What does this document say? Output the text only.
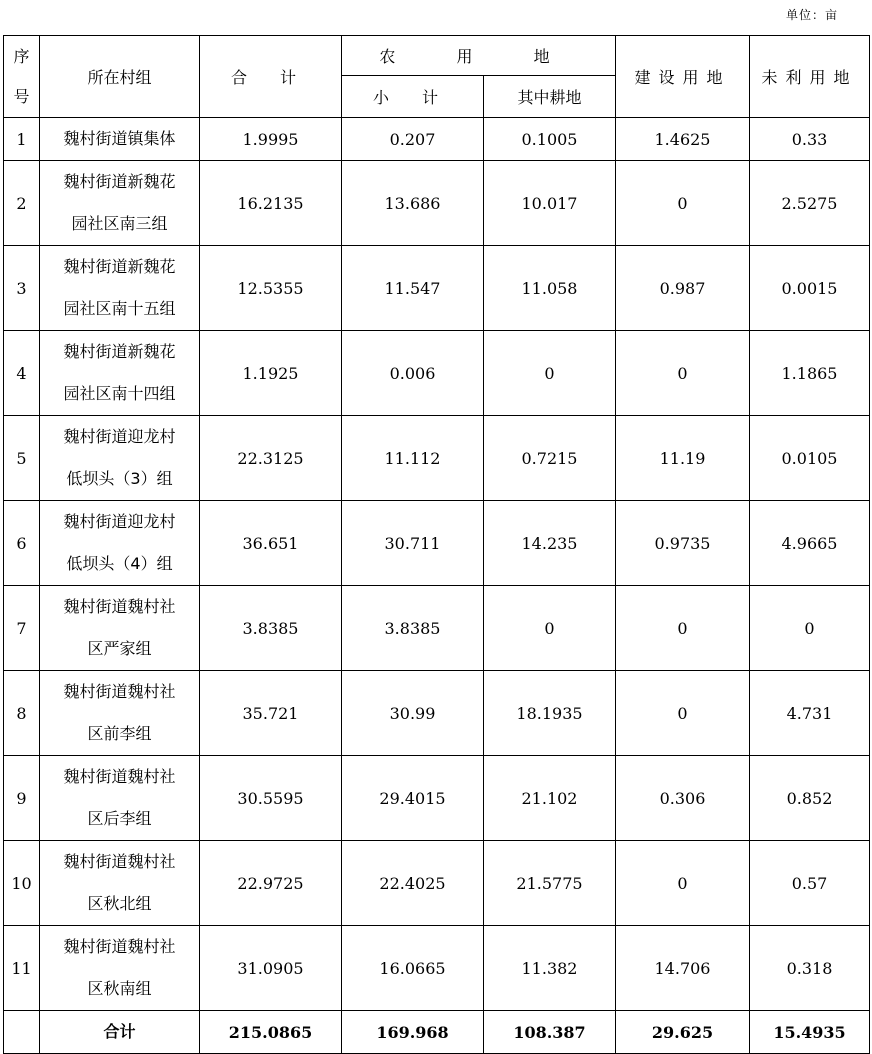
单位：亩
序
号	所在村组	合 计	农 用 地		建设用地	未利用地
			小 计	其中耕地		
1	魏村街道镇集体	1.9995	0.207	0.1005	1.4625	0.33
2	魏村街道新魏花
园社区南三组	16.2135	13.686	10.017	0	2.5275
3	魏村街道新魏花
园社区南十五组	12.5355	11.547	11.058	0.987	0.0015
4	魏村街道新魏花
园社区南十四组	1.1925	0.006	0	0	1.1865
5	魏村街道迎龙村
低坝头（3）组	22.3125	11.112	0.7215	11.19	0.0105
6	魏村街道迎龙村
低坝头（4）组	36.651	30.711	14.235	0.9735	4.9665
7	魏村街道魏村社
区严家组	3.8385	3.8385	0	0	0
8	魏村街道魏村社
区前李组	35.721	30.99	18.1935	0	4.731
9	魏村街道魏村社
区后李组	30.5595	29.4015	21.102	0.306	0.852
10	魏村街道魏村社
区秋北组	22.9725	22.4025	21.5775	0	0.57
11	魏村街道魏村社
区秋南组	31.0905	16.0665	11.382	14.706	0.318
	合计	215.0865	169.968	108.387	29.625	15.4935
